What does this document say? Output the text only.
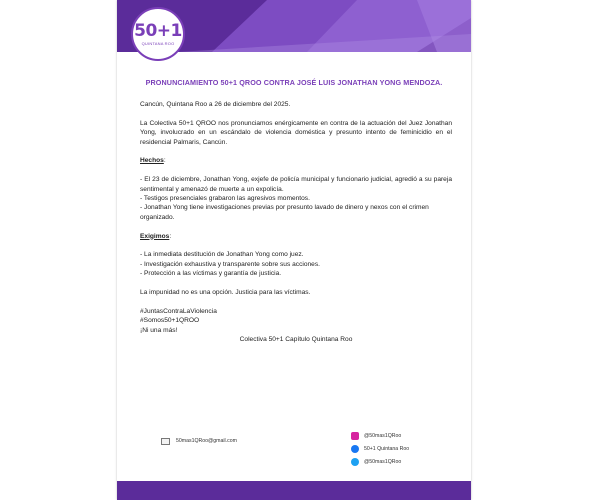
50+1
QUINTANA ROO
PRONUNCIAMIENTO 50+1 QROO CONTRA JOSÉ LUIS JONATHAN YONG MENDOZA.

Cancún, Quintana Roo a 26 de diciembre del 2025.

La Colectiva 50+1 QROO nos pronunciamos enérgicamente en contra de la actuación del Juez Jonathan Yong, involucrado en un escándalo de violencia doméstica y presunto intento de feminicidio en el residencial Palmaris, Cancún.

Hechos:

- El 23 de diciembre, Jonathan Yong, exjefe de policía municipal y funcionario judicial, agredió a su pareja sentimental y amenazó de muerte a un expolicía.

- Testigos presenciales grabaron las agresivos momentos.

- Jonathan Yong tiene investigaciones previas por presunto lavado de dinero y nexos con el crimen organizado.

Exigimos:

- La inmediata destitución de Jonathan Yong como juez.

- Investigación exhaustiva y transparente sobre sus acciones.

- Protección a las víctimas y garantía de justicia.

La impunidad no es una opción. Justicia para las víctimas.

#JuntasContraLaViolencia

#Somos50+1QROO

¡Ni una más!

Colectiva 50+1 Capítulo Quintana Roo

50mas1QRoo@gmail.com
@50mas1QRoo
50+1 Quintana Roo
@50mas1QRoo
